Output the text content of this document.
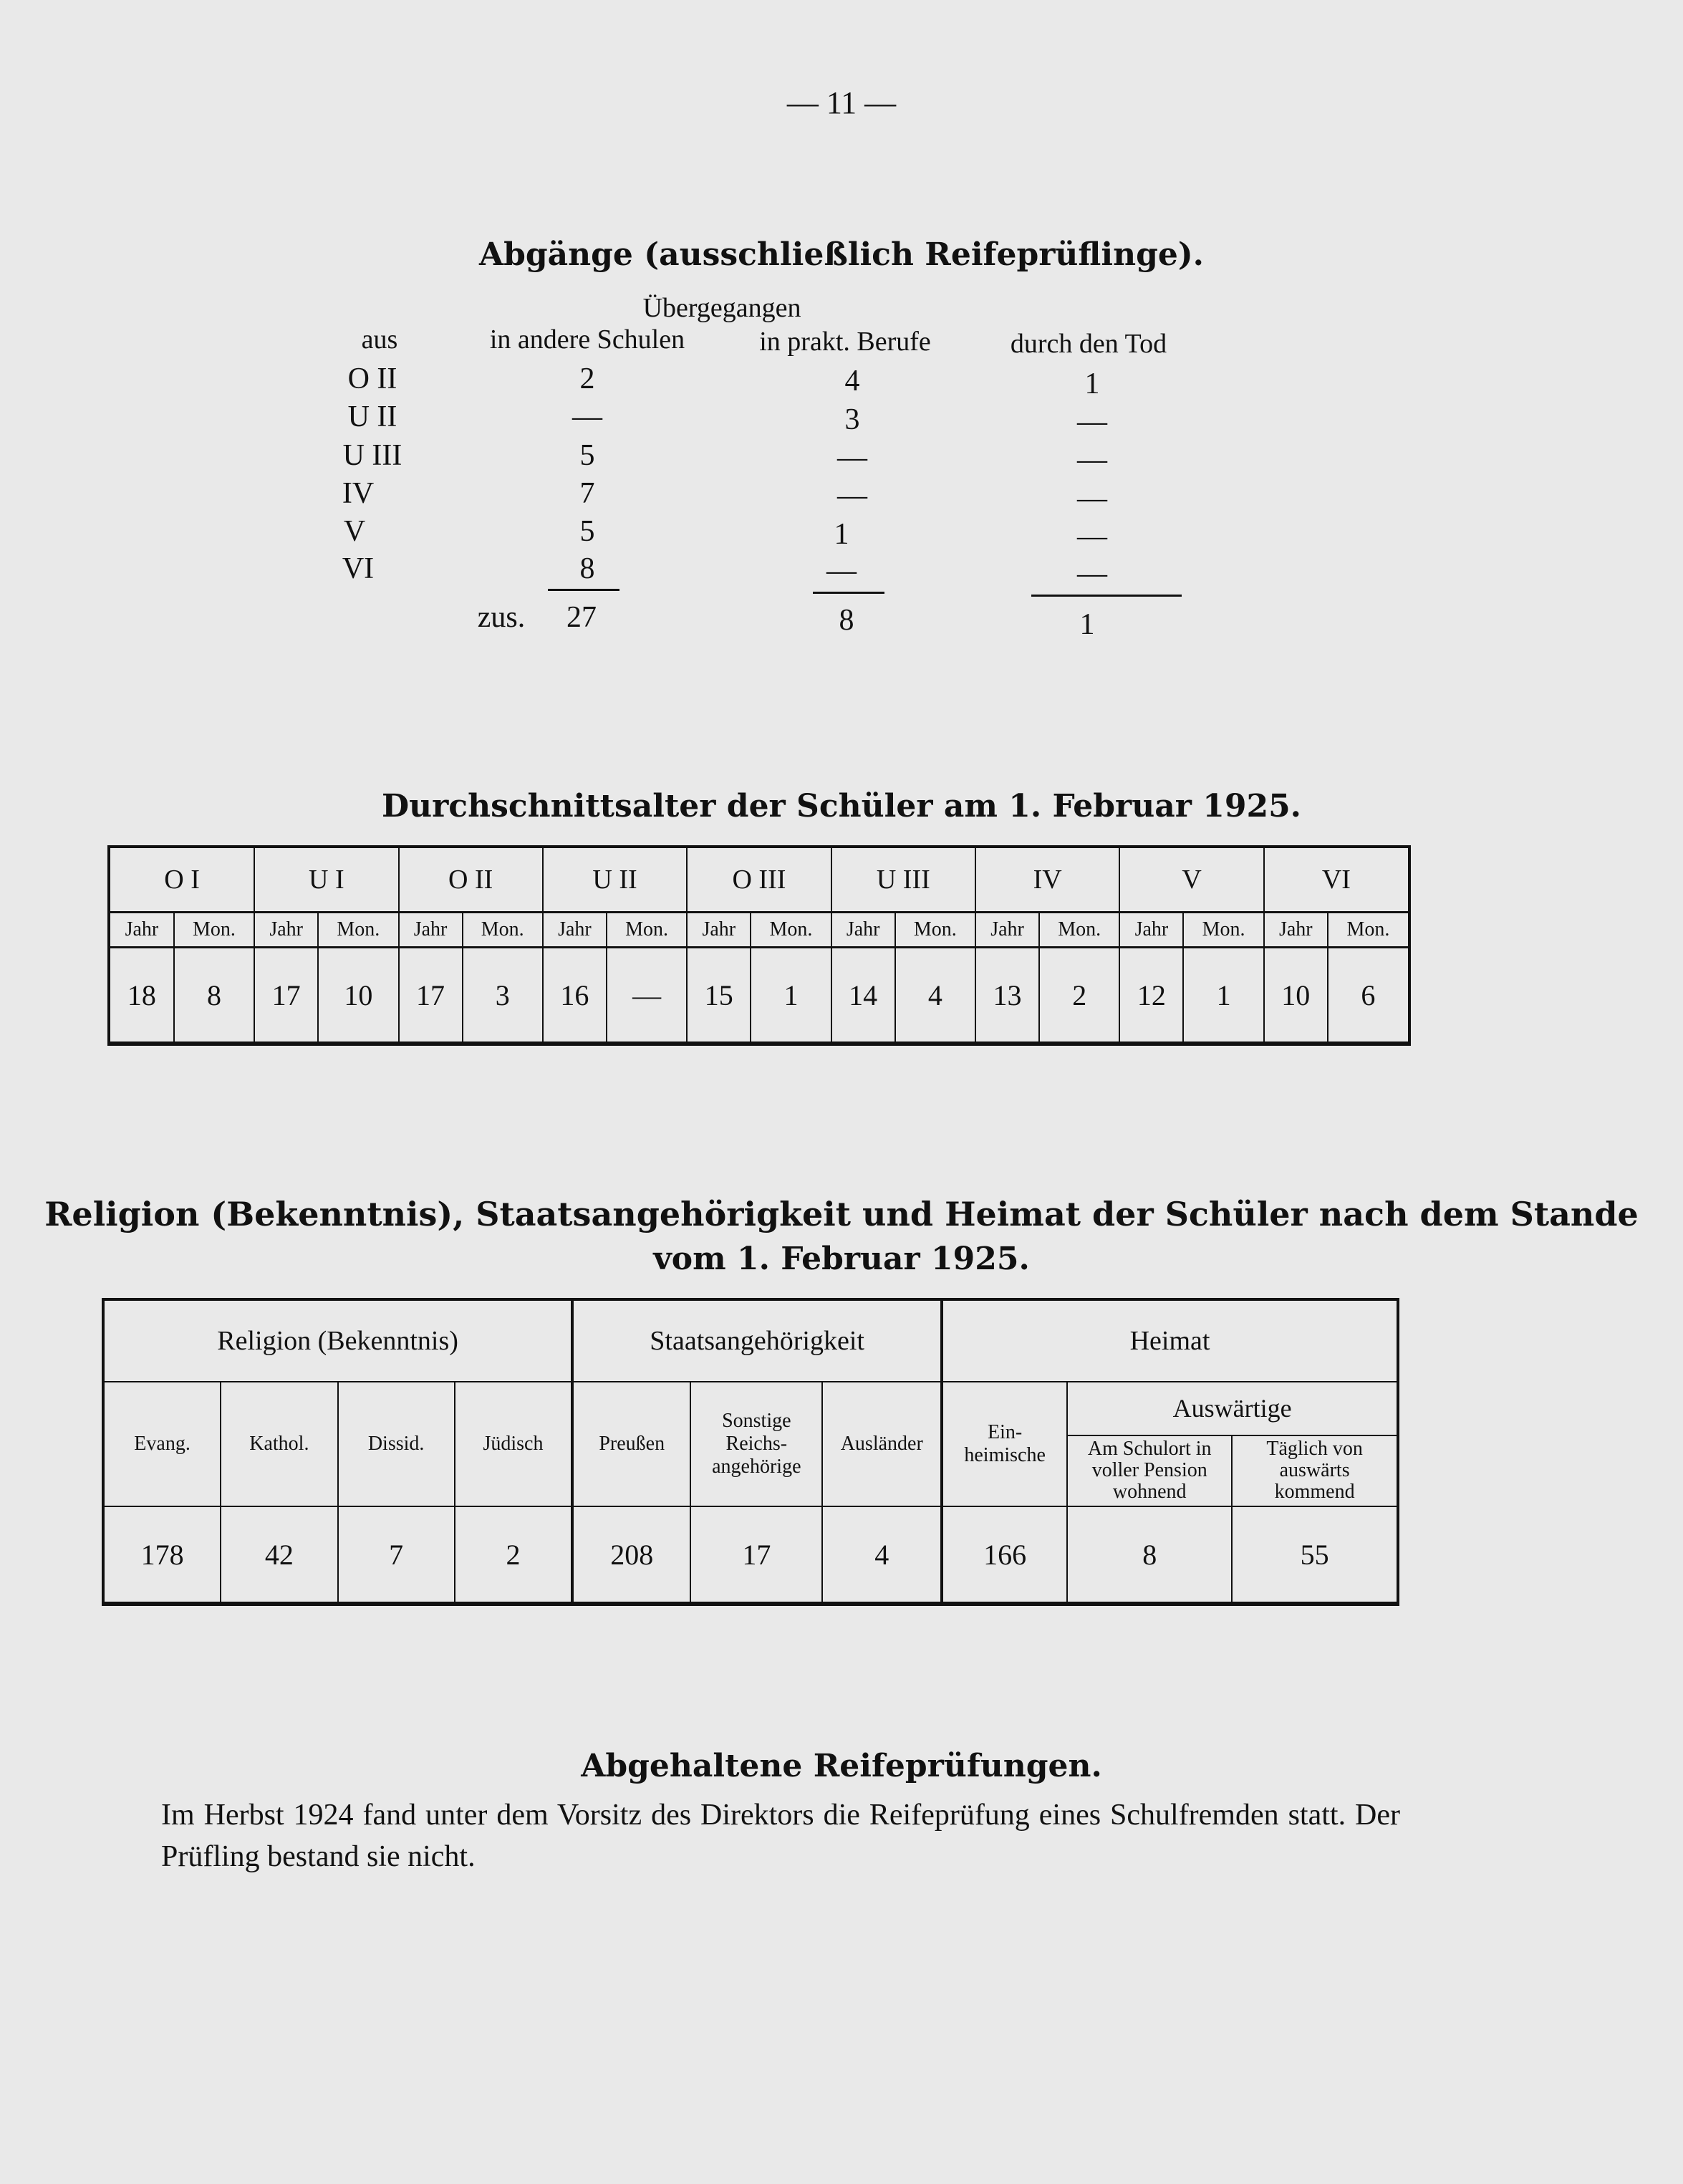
— 11 —
Abgänge (ausschließlich Reifeprüflinge).
Übergegangen
aus	in andere Schulen	in prakt. Berufe	durch den Tod
O II	2	4	1
U II	—	3	—
U III	5	—	—
IV	7	—	—
V	5	1	—
VI	8	—	—
zus.	27	8	1
Durchschnittsalter der Schüler am 1. Februar 1925.
O I		U I		O II		U II		O III		U III		IV		V		VI	
Jahr	Mon.	Jahr	Mon.	Jahr	Mon.	Jahr	Mon.	Jahr	Mon.	Jahr	Mon.	Jahr	Mon.	Jahr	Mon.	Jahr	Mon.
18	8	17	10	17	3	16	—	15	1	14	4	13	2	12	1	10	6
Religion (Bekenntnis), Staatsangehörigkeit und Heimat der Schüler nach dem Stande
vom 1. Februar 1925.
Religion (Bekenntnis)				Staatsangehörigkeit			Heimat		
Evang.	Kathol.	Dissid.	Jüdisch	Preußen	Sonstige Reichs- angehörige	Ausländer	Ein- heimische	Auswärtige	
								Am Schulort in voller Pension wohnend	Täglich von auswärts kommend
178	42	7	2	208	17	4	166	8	55
Abgehaltene Reifeprüfungen.
Im Herbst 1924 fand unter dem Vorsitz des Direktors die Reifeprüfung eines Schulfremden statt. Der Prüfling bestand sie nicht.
